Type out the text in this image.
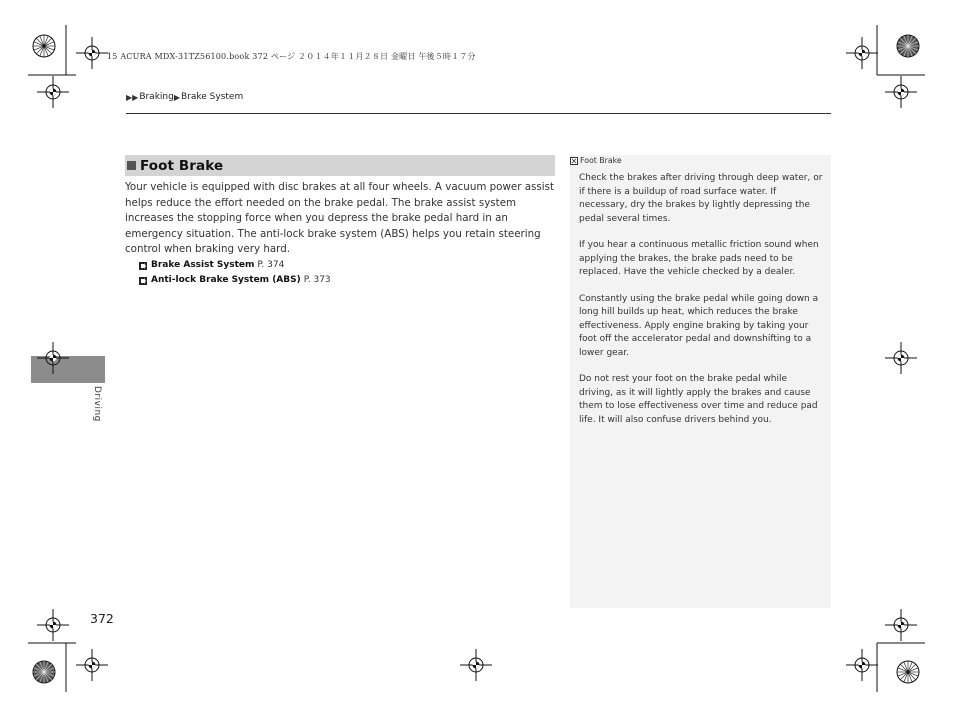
15 ACURA MDX-31TZ56100.book 372 ページ ２０１４年１１月２８日 金曜日 午後５時１７分
▶▶ Braking ▶ Brake System
Foot Brake
Your vehicle is equipped with disc brakes at all four wheels. A vacuum power assist helps reduce the effort needed on the brake pedal. The brake assist system increases the stopping force when you depress the brake pedal hard in an emergency situation. The anti-lock brake system (ABS) helps you retain steering control when braking very hard.
Brake Assist System P. 374
Anti-lock Brake System (ABS) P. 373
Foot Brake

Check the brakes after driving through deep water, or if there is a buildup of road surface water. If necessary, dry the brakes by lightly depressing the pedal several times.

If you hear a continuous metallic friction sound when applying the brakes, the brake pads need to be replaced. Have the vehicle checked by a dealer.

Constantly using the brake pedal while going down a long hill builds up heat, which reduces the brake effectiveness. Apply engine braking by taking your foot off the accelerator pedal and downshifting to a lower gear.

Do not rest your foot on the brake pedal while driving, as it will lightly apply the brakes and cause them to lose effectiveness over time and reduce pad life. It will also confuse drivers behind you.

Driving
372
